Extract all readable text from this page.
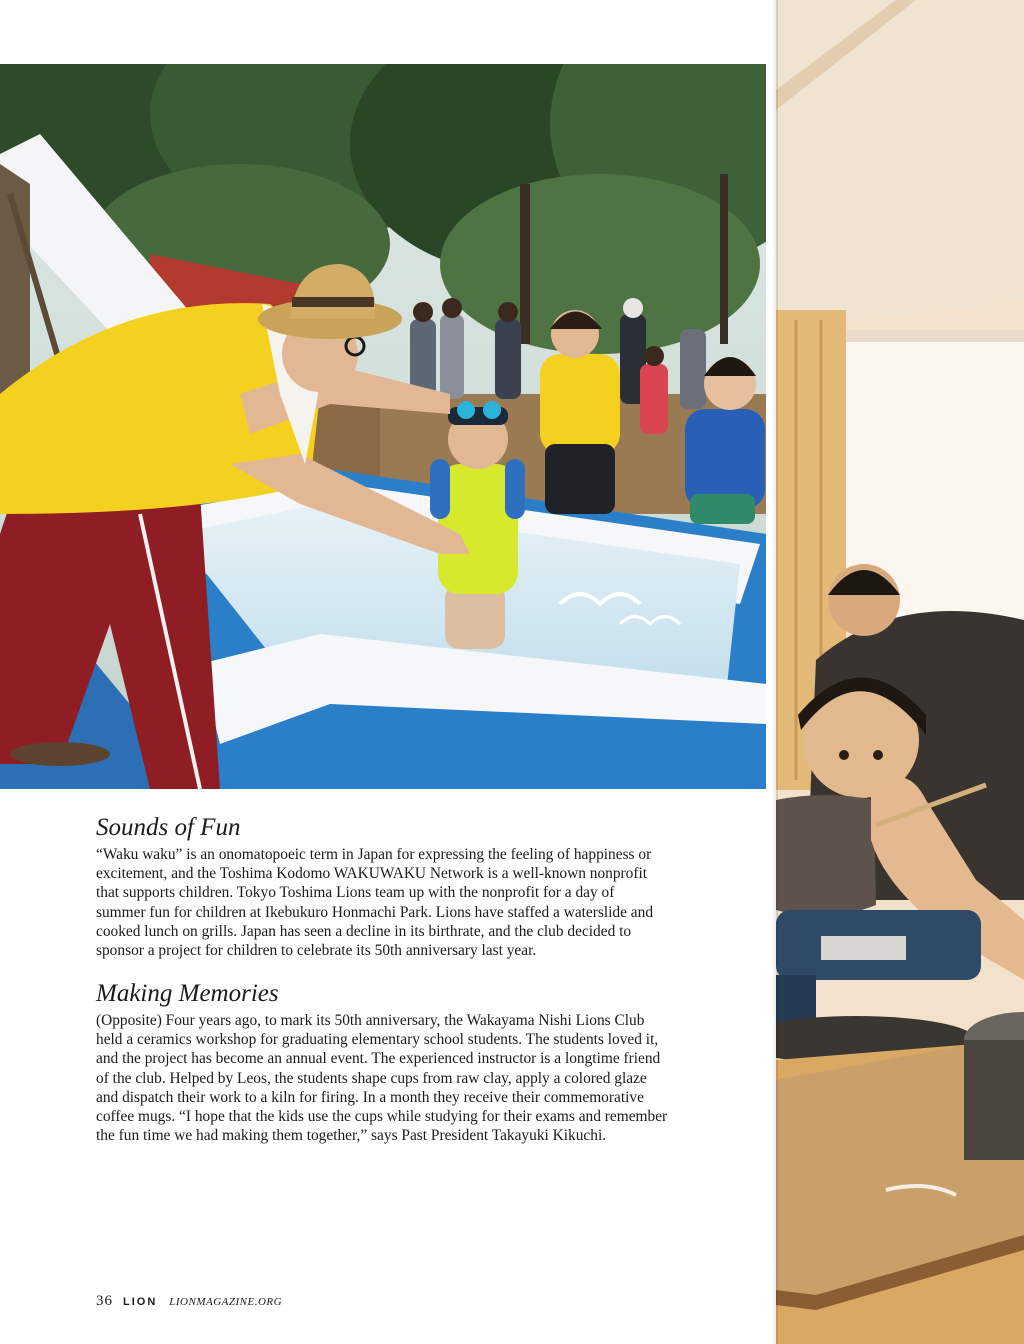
Sounds of Fun

“Waku waku” is an onomatopoeic term in Japan for expressing the feeling of happiness or
excitement, and the Toshima Kodomo WAKUWAKU Network is a well-known nonprofit
that supports children. Tokyo Toshima Lions team up with the nonprofit for a day of
summer fun for children at Ikebukuro Honmachi Park. Lions have staffed a waterslide and
cooked lunch on grills. Japan has seen a decline in its birthrate, and the club decided to
sponsor a project for children to celebrate its 50th anniversary last year.

Making Memories

(Opposite) Four years ago, to mark its 50th anniversary, the Wakayama Nishi Lions Club
held a ceramics workshop for graduating elementary school students. The students loved it,
and the project has become an annual event. The experienced instructor is a longtime friend
of the club. Helped by Leos, the students shape cups from raw clay, apply a colored glaze
and dispatch their work to a kiln for firing. In a month they receive their commemorative
coffee mugs. “I hope that the kids use the cups while studying for their exams and remember
the fun time we had making them together,” says Past President Takayuki Kikuchi.

36 LION LIONMAGAZINE.ORG
